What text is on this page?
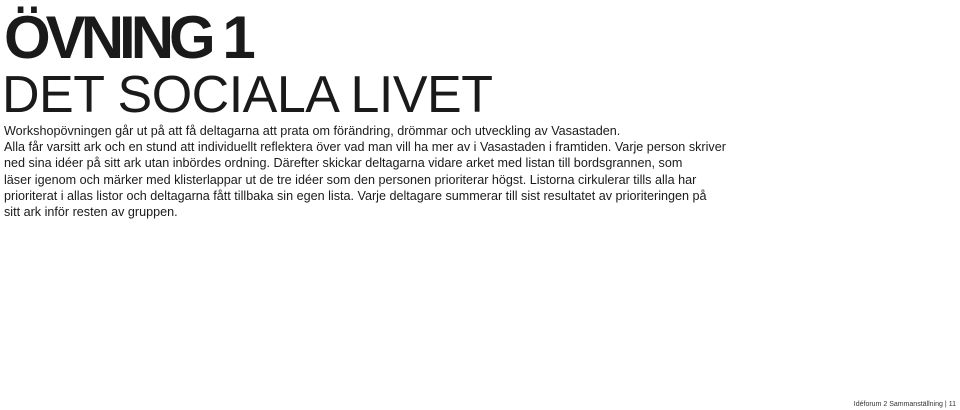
ÖVNING 1
DET SOCIALA LIVET
Workshopövningen går ut på att få deltagarna att prata om förändring, drömmar och utveckling av Vasastaden.
Alla får varsitt ark och en stund att individuellt reflektera över vad man vill ha mer av i Vasastaden i framtiden. Varje person skriver
ned sina idéer på sitt ark utan inbördes ordning. Därefter skickar deltagarna vidare arket med listan till bordsgrannen, som
läser igenom och märker med klisterlappar ut de tre idéer som den personen prioriterar högst. Listorna cirkulerar tills alla har
prioriterat i allas listor och deltagarna fått tillbaka sin egen lista. Varje deltagare summerar till sist resultatet av prioriteringen på
sitt ark inför resten av gruppen.
Idéforum 2 Sammanställning | 11
